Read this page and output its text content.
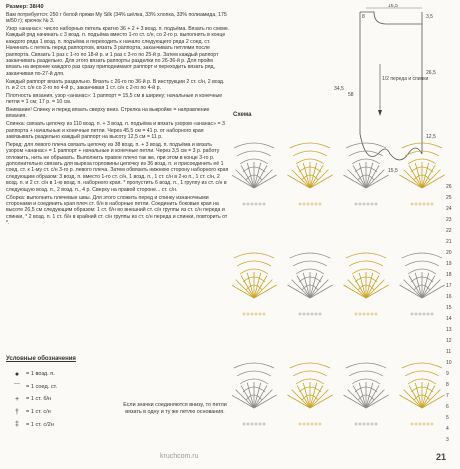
Размер: 38/40

Вам потребуется: 250 г белой пряжи My Silk (34% шёлка, 33% хлопка, 33% полиамида, 175 м/50 г); крючок № 3.

Узор «ананас»: число наборных петель кратно 36 + 2 + 3 возд. п. подъёма. Вязать по схеме. Каждый ряд начинать с 3 возд. п. подъёма вместо 1-го ст. с/н, со 2-го р. выполнять в конце каждого ряда 1 возд. п. подъёма и переходить к начало следующего ряда 2 соед. ст. Начинать с петель перед раппортом, вязать 3 раппорта, заканчивать петлями после раппорта. Связать 1 раз с 1-го по 18-й р. и 1 раз с 3-го по 25-й р. Затем каждый раппорт заканчивать раздельно. Для этого вязать раппорты разделки по 26-36-й р. Для пройм вязать на верхние каждого раз сразу приподнимают раппорт и переходить вязать ряд, заканчивая по-27-й для.

Каждый раппорт вязать раздельно. Вязать с 26-го по 36-й р. В инструкции 2 ст. с/н, 2 возд. п. и 2 ст. с/н со 2-го по 4-й р., заканчивая 1 ст. с/н с 2-го по 4-й р.

Плотность вязания, узор «ананас»: 1 раппорт = 15,5 см в ширину; начальные и конечные петли = 1 см; 17 р. = 10 см.

Внимание! Спинку и перед вязать сверху вниз. Стрелка на выкройке = направление вязания.

Спинка: связать цепочку из 110 возд. п. + 3 возд. п. подъёма и вязать узором «ананас» = 3 раппорта + начальные и конечные петли. Через 45,5 см = 41 р. от наборного края завязывать раздельно каждый раппорт на высоту 12,5 см = 11 р.

Перед: для левого плеча связать цепочку из 38 возд. п. + 3 возд. п. подъёма и вязать узором «ананас» = 1 раппорт + начальные и конечные петли. Через 3,5 см = 3 р. работу отложить, нить не обрывать. Выполнить правое плечо так же, при этом в конце 3-го р. дополнительно связать для вырезa горловины цепочку из 36 возд. п. и присоединить её 1 соед. ст. к 1-му ст. с/н 3-го р. левого плеча. Затем обвязать нижнюю сторону наборного края следующим образом: 3 возд. п. вместо 1-го ст. с/н, 1 возд. п., 1 ст. с/н в 2-ю п., 1 ст. с/н, 2 возд. п. и 2 ст. с/н в 1-ю возд. п. наборного края. * пропустить 6 возд. п., 1 группу из ст. с/н в следующую возд. п., 2 возд. п., 4 р. Сверху на правой стороне... ст. с/н.

Сборка: выполнить плечевые швы. Для этого сложить перед и спинку изнаночными сторонами и соединить края плеч ст. б/н в наборные петли. Соединить боковые края на высоте 26,5 см следующим образом: 1 ст. б/н во внешний ст. с/н группы из ст. с/н переда и спинки, * 2 возд. п. 1 ст. б/н в крайний ст. с/н группы из ст. с/н переда и спинки, повторить от *.

Условные обозначения
●	= 1 возд. п.
⌒ = 1 соед. ст.
+	= 1 ст. б/н
†	= 1 ст. с/н
‡	= 1 ст. с/2н
Если значки соединяются внизу, то петли вязать в одну и ту же петлю основания.
16,5
8	3,5
34,5
58
26,5
12,5
15,5
1/2 переда и спинки
Схема
26
25
24
23
22
21
20
19
18
17
16
15
14
13
12
11
10
9
8
7
6
5
4
3
kruchcom.ru	21
